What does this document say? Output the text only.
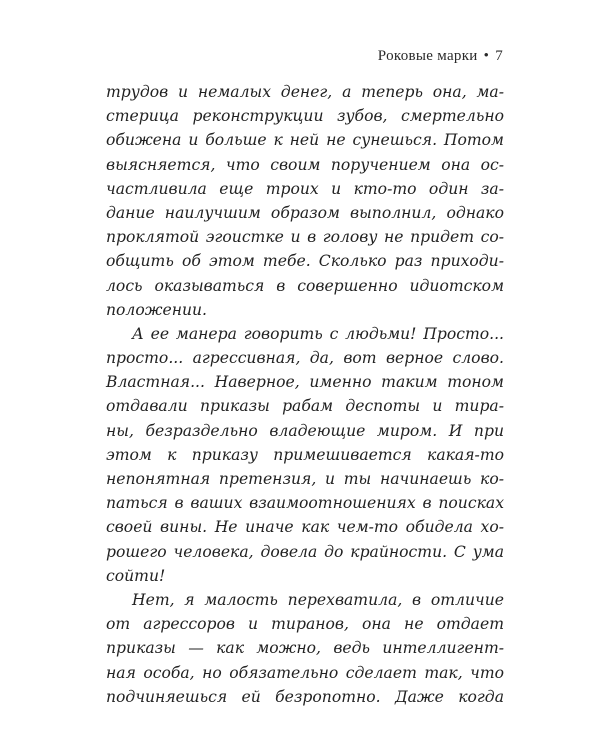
Роковые марки • 7
трудов и немалых денег, а теперь она, ма-
стерица реконструкции зубов, смертельно
обижена и больше к ней не сунешься. Потом
выясняется, что своим поручением она ос-
частливила еще троих и кто-то один за-
дание наилучшим образом выполнил, однако
проклятой эгоистке и в голову не придет со-
общить об этом тебе. Сколько раз приходи-
лось оказываться в совершенно идиотском
положении.
А ее манера говорить с людьми! Просто...
просто... агрессивная, да, вот верное слово.
Властная... Наверное, именно таким тоном
отдавали приказы рабам деспоты и тира-
ны, безраздельно владеющие миром. И при
этом к приказу примешивается какая-то
непонятная претензия, и ты начинаешь ко-
паться в ваших взаимоотношениях в поисках
своей вины. Не иначе как чем-то обидела хо-
рошего человека, довела до крайности. С ума
сойти!
Нет, я малость перехватила, в отличие
от агрессоров и тиранов, она не отдает
приказы — как можно, ведь интеллигент-
ная особа, но обязательно сделает так, что
подчиняешься ей безропотно. Даже когда
